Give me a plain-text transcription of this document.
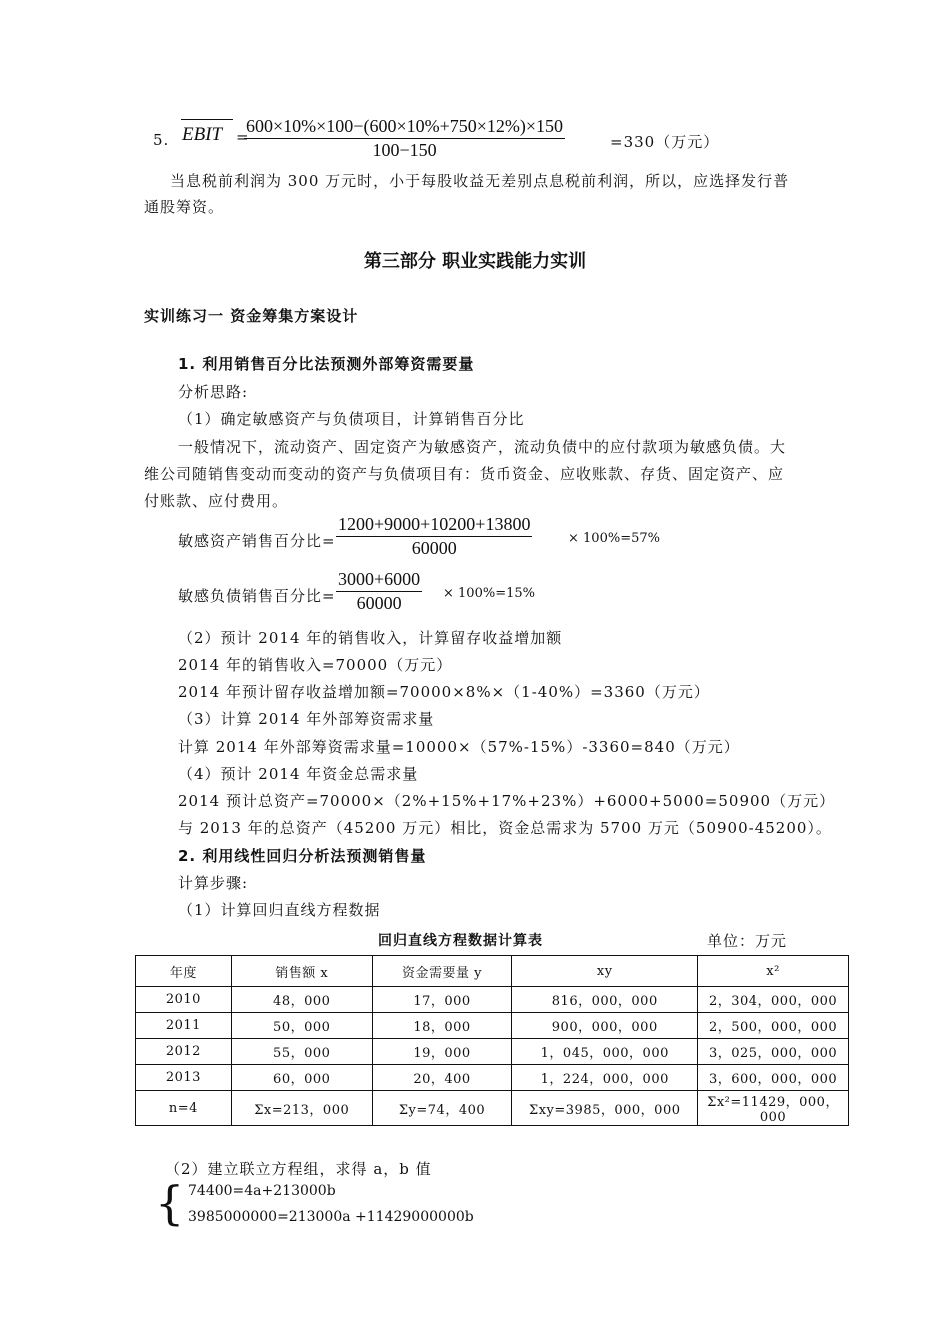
5. EBIT =
600×10%×100−(600×10%+750×12%)×150
100−150	=330（万元）
当息税前利润为 300 万元时，小于每股收益无差别点息税前利润，所以，应选择发行普
通股筹资。
第三部分 职业实践能力实训
实训练习一 资金筹集方案设计
1. 利用销售百分比法预测外部筹资需要量
分析思路:
（1）确定敏感资产与负债项目，计算销售百分比
一般情况下，流动资产、固定资产为敏感资产，流动负债中的应付款项为敏感负债。大
维公司随销售变动而变动的资产与负债项目有：货币资金、应收账款、存货、固定资产、应
付账款、应付费用。
敏感资产销售百分比=
1200+9000+10200+13800
60000	× 100%=57%
敏感负债销售百分比=
3000+6000
60000	× 100%=15%
（2）预计 2014 年的销售收入，计算留存收益增加额
2014 年的销售收入=70000（万元）
2014 年预计留存收益增加额=70000×8%×（1-40%）=3360（万元）
（3）计算 2014 年外部筹资需求量
计算 2014 年外部筹资需求量=10000×（57%-15%）-3360=840（万元）
（4）预计 2014 年资金总需求量
2014 预计总资产=70000×（2%+15%+17%+23%）+6000+5000=50900（万元）
与 2013 年的总资产（45200 万元）相比，资金总需求为 5700 万元（50900-45200）。
2. 利用线性回归分析法预测销售量
计算步骤:
（1）计算回归直线方程数据
回归直线方程数据计算表	单位：万元
年度	销售额 x	资金需要量 y	xy	x²
2010	48，000	17，000	816，000，000	2，304，000，000
2011	50，000	18，000	900，000，000	2，500，000，000
2012	55，000	19，000	1，045，000，000	3，025，000，000
2013	60，000	20，400	1，224，000，000	3，600，000，000
n=4	Σx=213，000	Σy=74，400	Σxy=3985，000，000	Σx²=11429，000，000
（2）建立联立方程组，求得 a，b 值
{ 74400=4a+213000b
3985000000=213000a +11429000000b
